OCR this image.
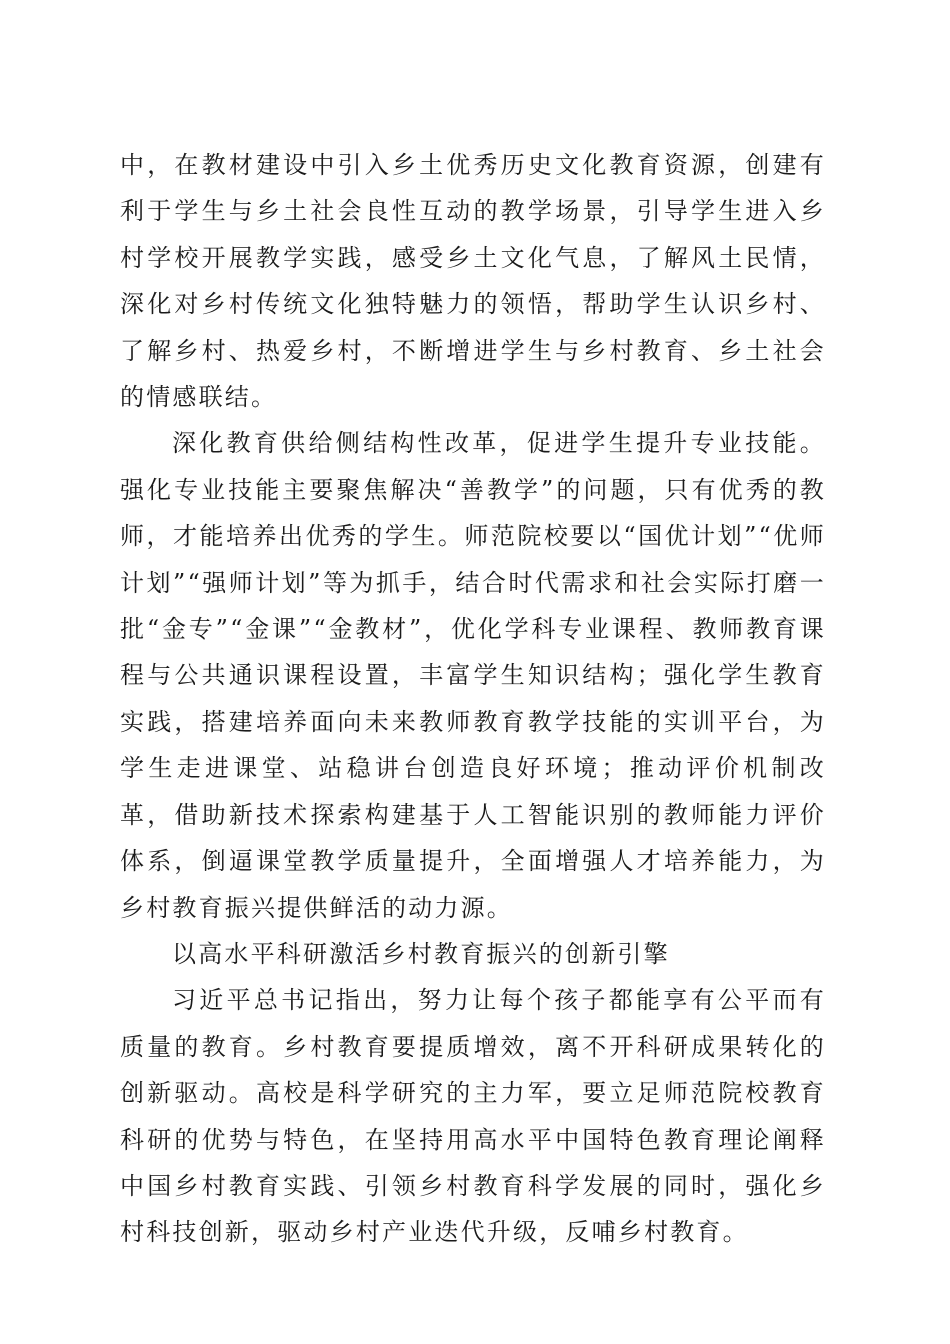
中，在教材建设中引入乡土优秀历史文化教育资源，创建有利于学生与乡土社会良性互动的教学场景，引导学生进入乡村学校开展教学实践，感受乡土文化气息，了解风土民情，深化对乡村传统文化独特魅力的领悟，帮助学生认识乡村、了解乡村、热爱乡村，不断增进学生与乡村教育、乡土社会的情感联结。

深化教育供给侧结构性改革，促进学生提升专业技能。强化专业技能主要聚焦解决“善教学”的问题，只有优秀的教师，才能培养出优秀的学生。师范院校要以“国优计划”“优师计划”“强师计划”等为抓手，结合时代需求和社会实际打磨一批“金专”“金课”“金教材”，优化学科专业课程、教师教育课程与公共通识课程设置，丰富学生知识结构；强化学生教育实践，搭建培养面向未来教师教育教学技能的实训平台，为学生走进课堂、站稳讲台创造良好环境；推动评价机制改革，借助新技术探索构建基于人工智能识别的教师能力评价体系，倒逼课堂教学质量提升，全面增强人才培养能力，为乡村教育振兴提供鲜活的动力源。

以高水平科研激活乡村教育振兴的创新引擎

习近平总书记指出，努力让每个孩子都能享有公平而有质量的教育。乡村教育要提质增效，离不开科研成果转化的创新驱动。高校是科学研究的主力军，要立足师范院校教育科研的优势与特色，在坚持用高水平中国特色教育理论阐释中国乡村教育实践、引领乡村教育科学发展的同时，强化乡村科技创新，驱动乡村产业迭代升级，反哺乡村教育。
